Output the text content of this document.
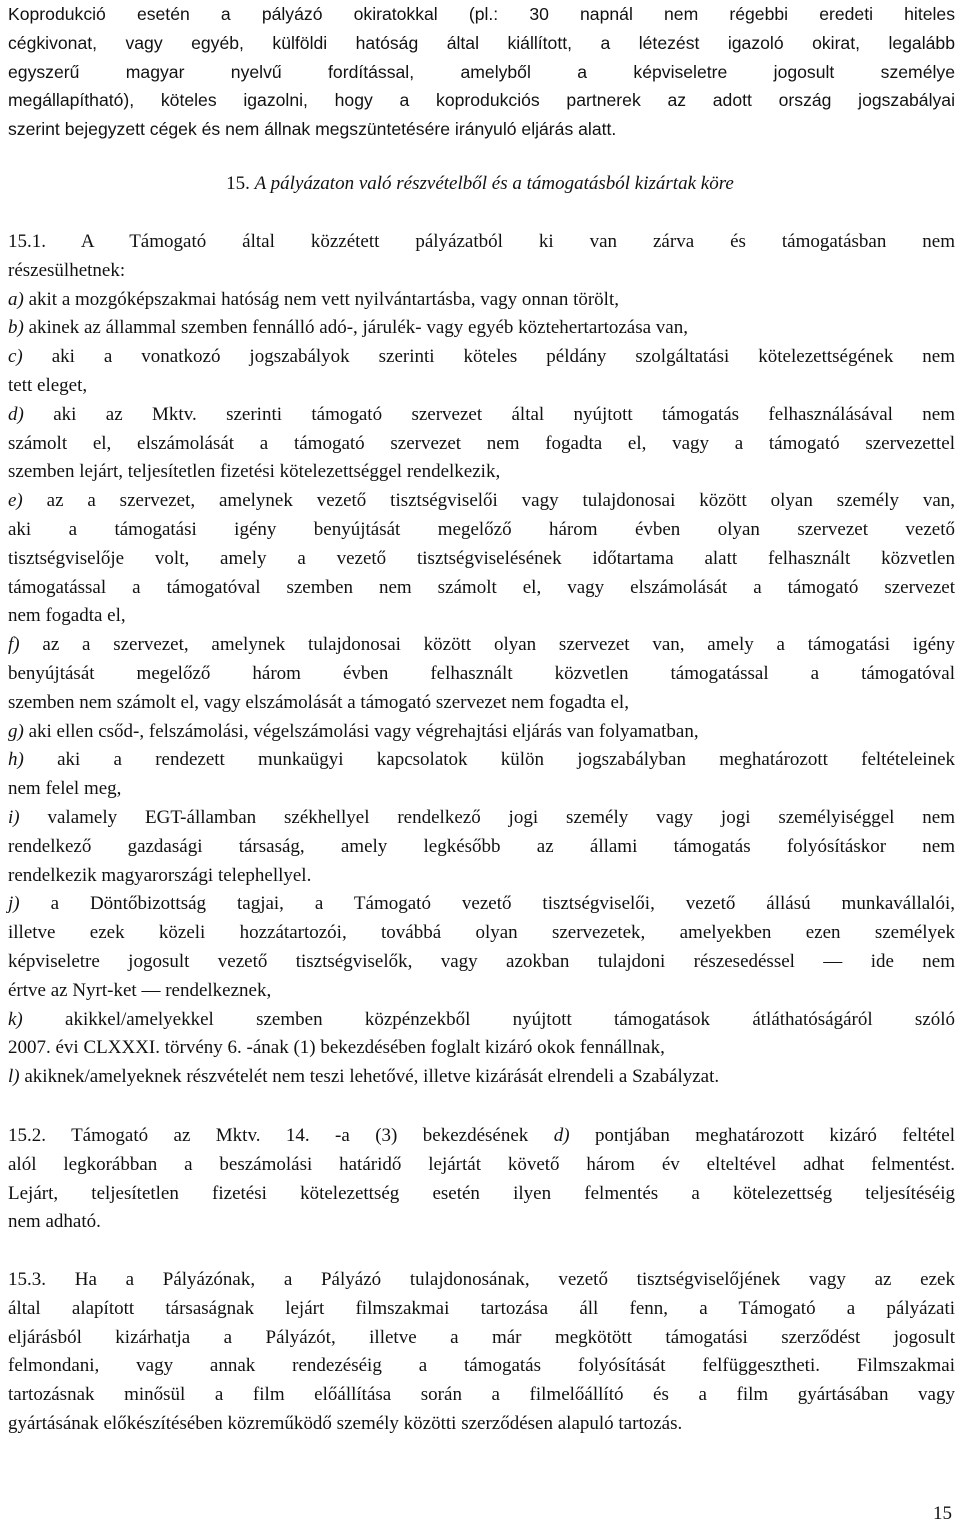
Koprodukció esetén a pályázó okiratokkal (pl.: 30 napnál nem régebbi eredeti hiteles
cégkivonat, vagy egyéb, külföldi hatóság által kiállított, a létezést igazoló okirat, legalább
egyszerű magyar nyelvű fordítással, amelyből a képviseletre jogosult személye
megállapítható), köteles igazolni, hogy a koprodukciós partnerek az adott ország jogszabályai
szerint bejegyzett cégek és nem állnak megszüntetésére irányuló eljárás alatt.
15. A pályázaton való részvételből és a támogatásból kizártak köre
15.1. A Támogató által közzétett pályázatból ki van zárva és támogatásban nem
részesülhetnek:
a) akit a mozgóképszakmai hatóság nem vett nyilvántartásba, vagy onnan törölt,
b) akinek az állammal szemben fennálló adó-, járulék- vagy egyéb köztehertartozása van,
c) aki a vonatkozó jogszabályok szerinti köteles példány szolgáltatási kötelezettségének nem
tett eleget,
d) aki az Mktv. szerinti támogató szervezet által nyújtott támogatás felhasználásával nem
számolt el, elszámolását a támogató szervezet nem fogadta el, vagy a támogató szervezettel
szemben lejárt, teljesítetlen fizetési kötelezettséggel rendelkezik,
e) az a szervezet, amelynek vezető tisztségviselői vagy tulajdonosai között olyan személy van,
aki a támogatási igény benyújtását megelőző három évben olyan szervezet vezető
tisztségviselője volt, amely a vezető tisztségviselésének időtartama alatt felhasznált közvetlen
támogatással a támogatóval szemben nem számolt el, vagy elszámolását a támogató szervezet
nem fogadta el,
f) az a szervezet, amelynek tulajdonosai között olyan szervezet van, amely a támogatási igény
benyújtását megelőző három évben felhasznált közvetlen támogatással a támogatóval
szemben nem számolt el, vagy elszámolását a támogató szervezet nem fogadta el,
g) aki ellen csőd-, felszámolási, végelszámolási vagy végrehajtási eljárás van folyamatban,
h) aki a rendezett munkaügyi kapcsolatok külön jogszabályban meghatározott feltételeinek
nem felel meg,
i) valamely EGT-államban székhellyel rendelkező jogi személy vagy jogi személyiséggel nem
rendelkező gazdasági társaság, amely legkésőbb az állami támogatás folyósításkor nem
rendelkezik magyarországi telephellyel.
j) a Döntőbizottság tagjai, a Támogató vezető tisztségviselői, vezető állású munkavállalói,
illetve ezek közeli hozzátartozói, továbbá olyan szervezetek, amelyekben ezen személyek
képviseletre jogosult vezető tisztségviselők, vagy azokban tulajdoni részesedéssel — ide nem
értve az Nyrt-ket — rendelkeznek,
k) akikkel/amelyekkel szemben közpénzekből nyújtott támogatások átláthatóságáról szóló
2007. évi CLXXXI. törvény 6. -ának (1) bekezdésében foglalt kizáró okok fennállnak,
l) akiknek/amelyeknek részvételét nem teszi lehetővé, illetve kizárását elrendeli a Szabályzat.
15.2. Támogató az Mktv. 14. -a (3) bekezdésének d) pontjában meghatározott kizáró feltétel
alól legkorábban a beszámolási határidő lejártát követő három év elteltével adhat felmentést.
Lejárt, teljesítetlen fizetési kötelezettség esetén ilyen felmentés a kötelezettség teljesítéséig
nem adható.
15.3. Ha a Pályázónak, a Pályázó tulajdonosának, vezető tisztségviselőjének vagy az ezek
által alapított társaságnak lejárt filmszakmai tartozása áll fenn, a Támogató a pályázati
eljárásból kizárhatja a Pályázót, illetve a már megkötött támogatási szerződést jogosult
felmondani, vagy annak rendezéséig a támogatás folyósítását felfüggesztheti. Filmszakmai
tartozásnak minősül a film előállítása során a filmelőállító és a film gyártásában vagy
gyártásának előkészítésében közreműködő személy közötti szerződésen alapuló tartozás.
15
